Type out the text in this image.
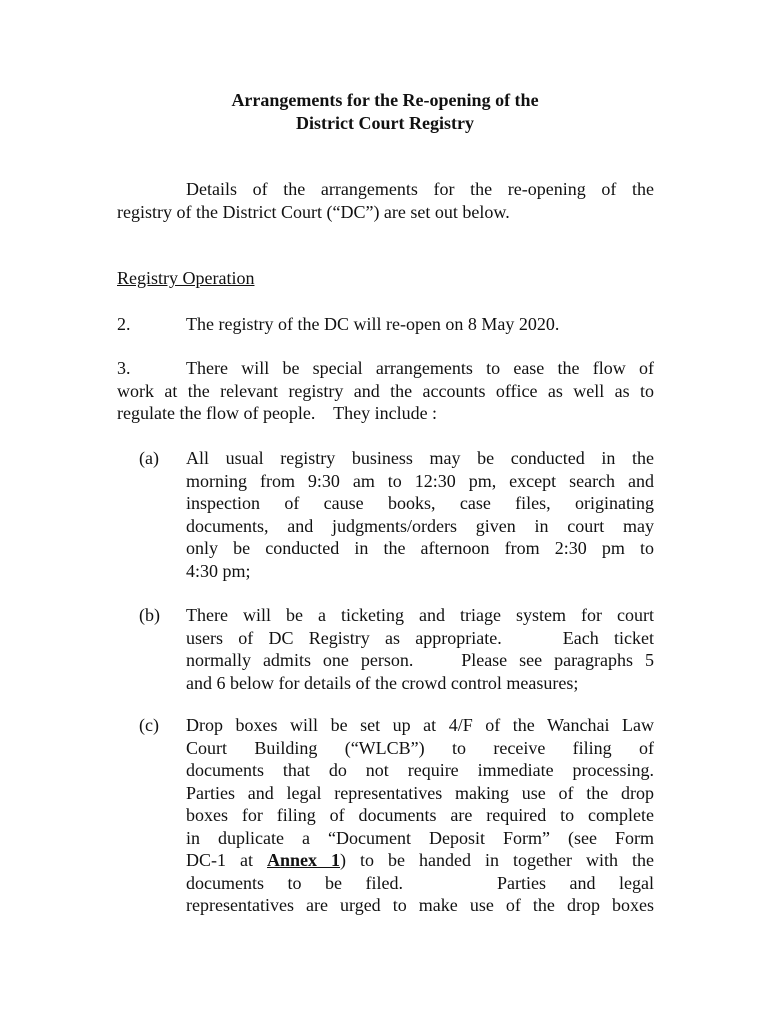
Arrangements for the Re-opening of the
District Court Registry
Details of the arrangements for the re-opening of the
registry of the District Court (“DC”) are set out below.
Registry Operation
2.	The registry of the DC will re-open on 8 May 2020.
3.	There will be special arrangements to ease the flow of
work at the relevant registry and the accounts office as well as to
regulate the flow of people.    They include :
(a) All usual registry business may be conducted in the
morning from 9:30 am to 12:30 pm, except search and
inspection of cause books, case files, originating
documents, and judgments/orders given in court may
only be conducted in the afternoon from 2:30 pm to
4:30 pm;
(b) There will be a ticketing and triage system for court
users of DC Registry as appropriate.    Each ticket
normally admits one person.    Please see paragraphs 5
and 6 below for details of the crowd control measures;
(c) Drop boxes will be set up at 4/F of the Wanchai Law
Court Building (“WLCB”) to receive filing of
documents that do not require immediate processing.
Parties and legal representatives making use of the drop
boxes for filing of documents are required to complete
in duplicate a “Document Deposit Form” (see Form
DC-1 at Annex 1) to be handed in together with the
documents to be filed.    Parties and legal
representatives are urged to make use of the drop boxes
